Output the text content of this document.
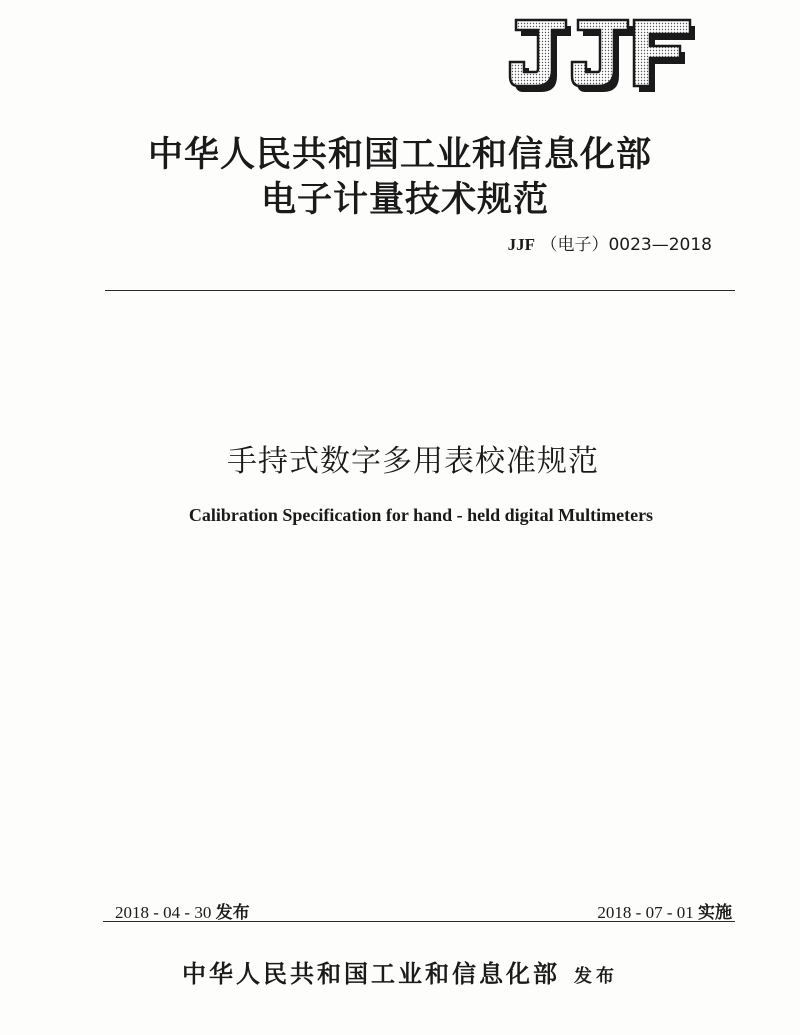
中华人民共和国工业和信息化部
电子计量技术规范
JJF （电子）0023—2018
手持式数字多用表校准规范
Calibration Specification for hand - held digital Multimeters
2018 - 04 - 30 发布	2018 - 07 - 01 实施
中华人民共和国工业和信息化部 发布
